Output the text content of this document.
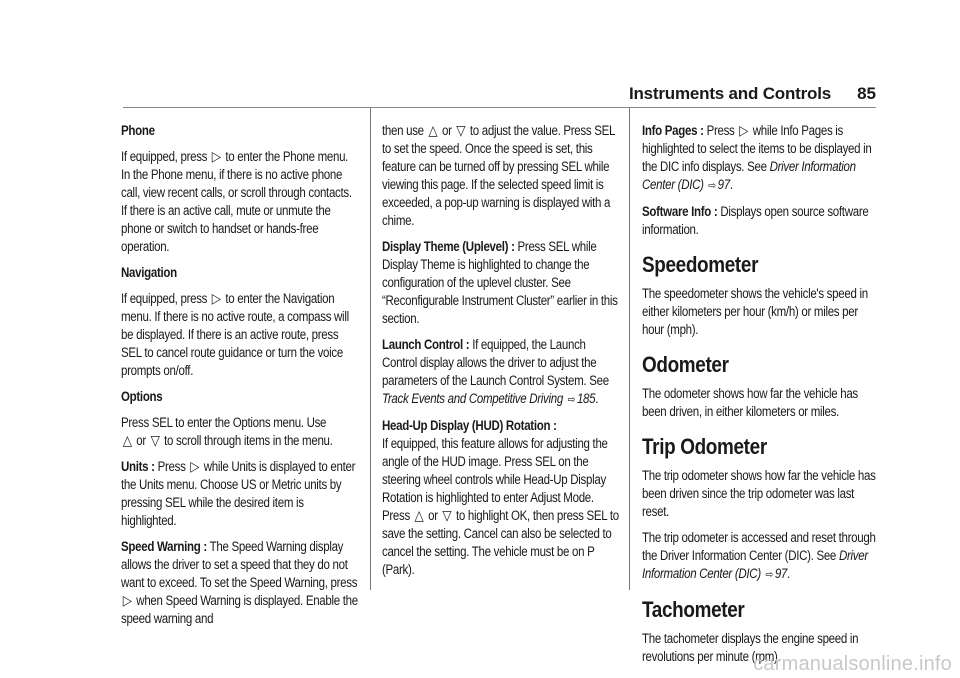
Instruments and Controls 85

Phone

If equipped, press ▷ to enter the Phone menu. In the Phone menu, if there is no active phone call, view recent calls, or scroll through contacts. If there is an active call, mute or unmute the phone or switch to handset or hands-free operation.

Navigation

If equipped, press ▷ to enter the Navigation menu. If there is no active route, a compass will be displayed. If there is an active route, press SEL to cancel route guidance or turn the voice prompts on/off.

Options

Press SEL to enter the Options menu. Use
△ or ▽ to scroll through items in the menu.

Units : Press ▷ while Units is displayed to enter the Units menu. Choose US or Metric units by pressing SEL while the desired item is highlighted.

Speed Warning : The Speed Warning display allows the driver to set a speed that they do not want to exceed. To set the Speed Warning, press ▷ when Speed Warning is displayed. Enable the speed warning and

then use △ or ▽ to adjust the value. Press SEL to set the speed. Once the speed is set, this feature can be turned off by pressing SEL while viewing this page. If the selected speed limit is exceeded, a pop-up warning is displayed with a chime.

Display Theme (Uplevel) : Press SEL while Display Theme is highlighted to change the configuration of the uplevel cluster. See “Reconfigurable Instrument Cluster” earlier in this section.

Launch Control : If equipped, the Launch Control display allows the driver to adjust the parameters of the Launch Control System. See Track Events and Competitive Driving ⇨ 185.

Head-Up Display (HUD) Rotation :
If equipped, this feature allows for adjusting the angle of the HUD image. Press SEL on the steering wheel controls while Head-Up Display Rotation is highlighted to enter Adjust Mode. Press △ or ▽ to highlight OK, then press SEL to save the setting. Cancel can also be selected to cancel the setting. The vehicle must be on P (Park).

Info Pages : Press ▷ while Info Pages is highlighted to select the items to be displayed in the DIC info displays. See Driver Information Center (DIC) ⇨ 97.

Software Info : Displays open source software information.

Speedometer

The speedometer shows the vehicle's speed in either kilometers per hour (km/h) or miles per hour (mph).

Odometer

The odometer shows how far the vehicle has been driven, in either kilometers or miles.

Trip Odometer

The trip odometer shows how far the vehicle has been driven since the trip odometer was last reset.

The trip odometer is accessed and reset through the Driver Information Center (DIC). See Driver Information Center (DIC) ⇨ 97.

Tachometer

The tachometer displays the engine speed in revolutions per minute (rpm).

carmanualsonline.info
